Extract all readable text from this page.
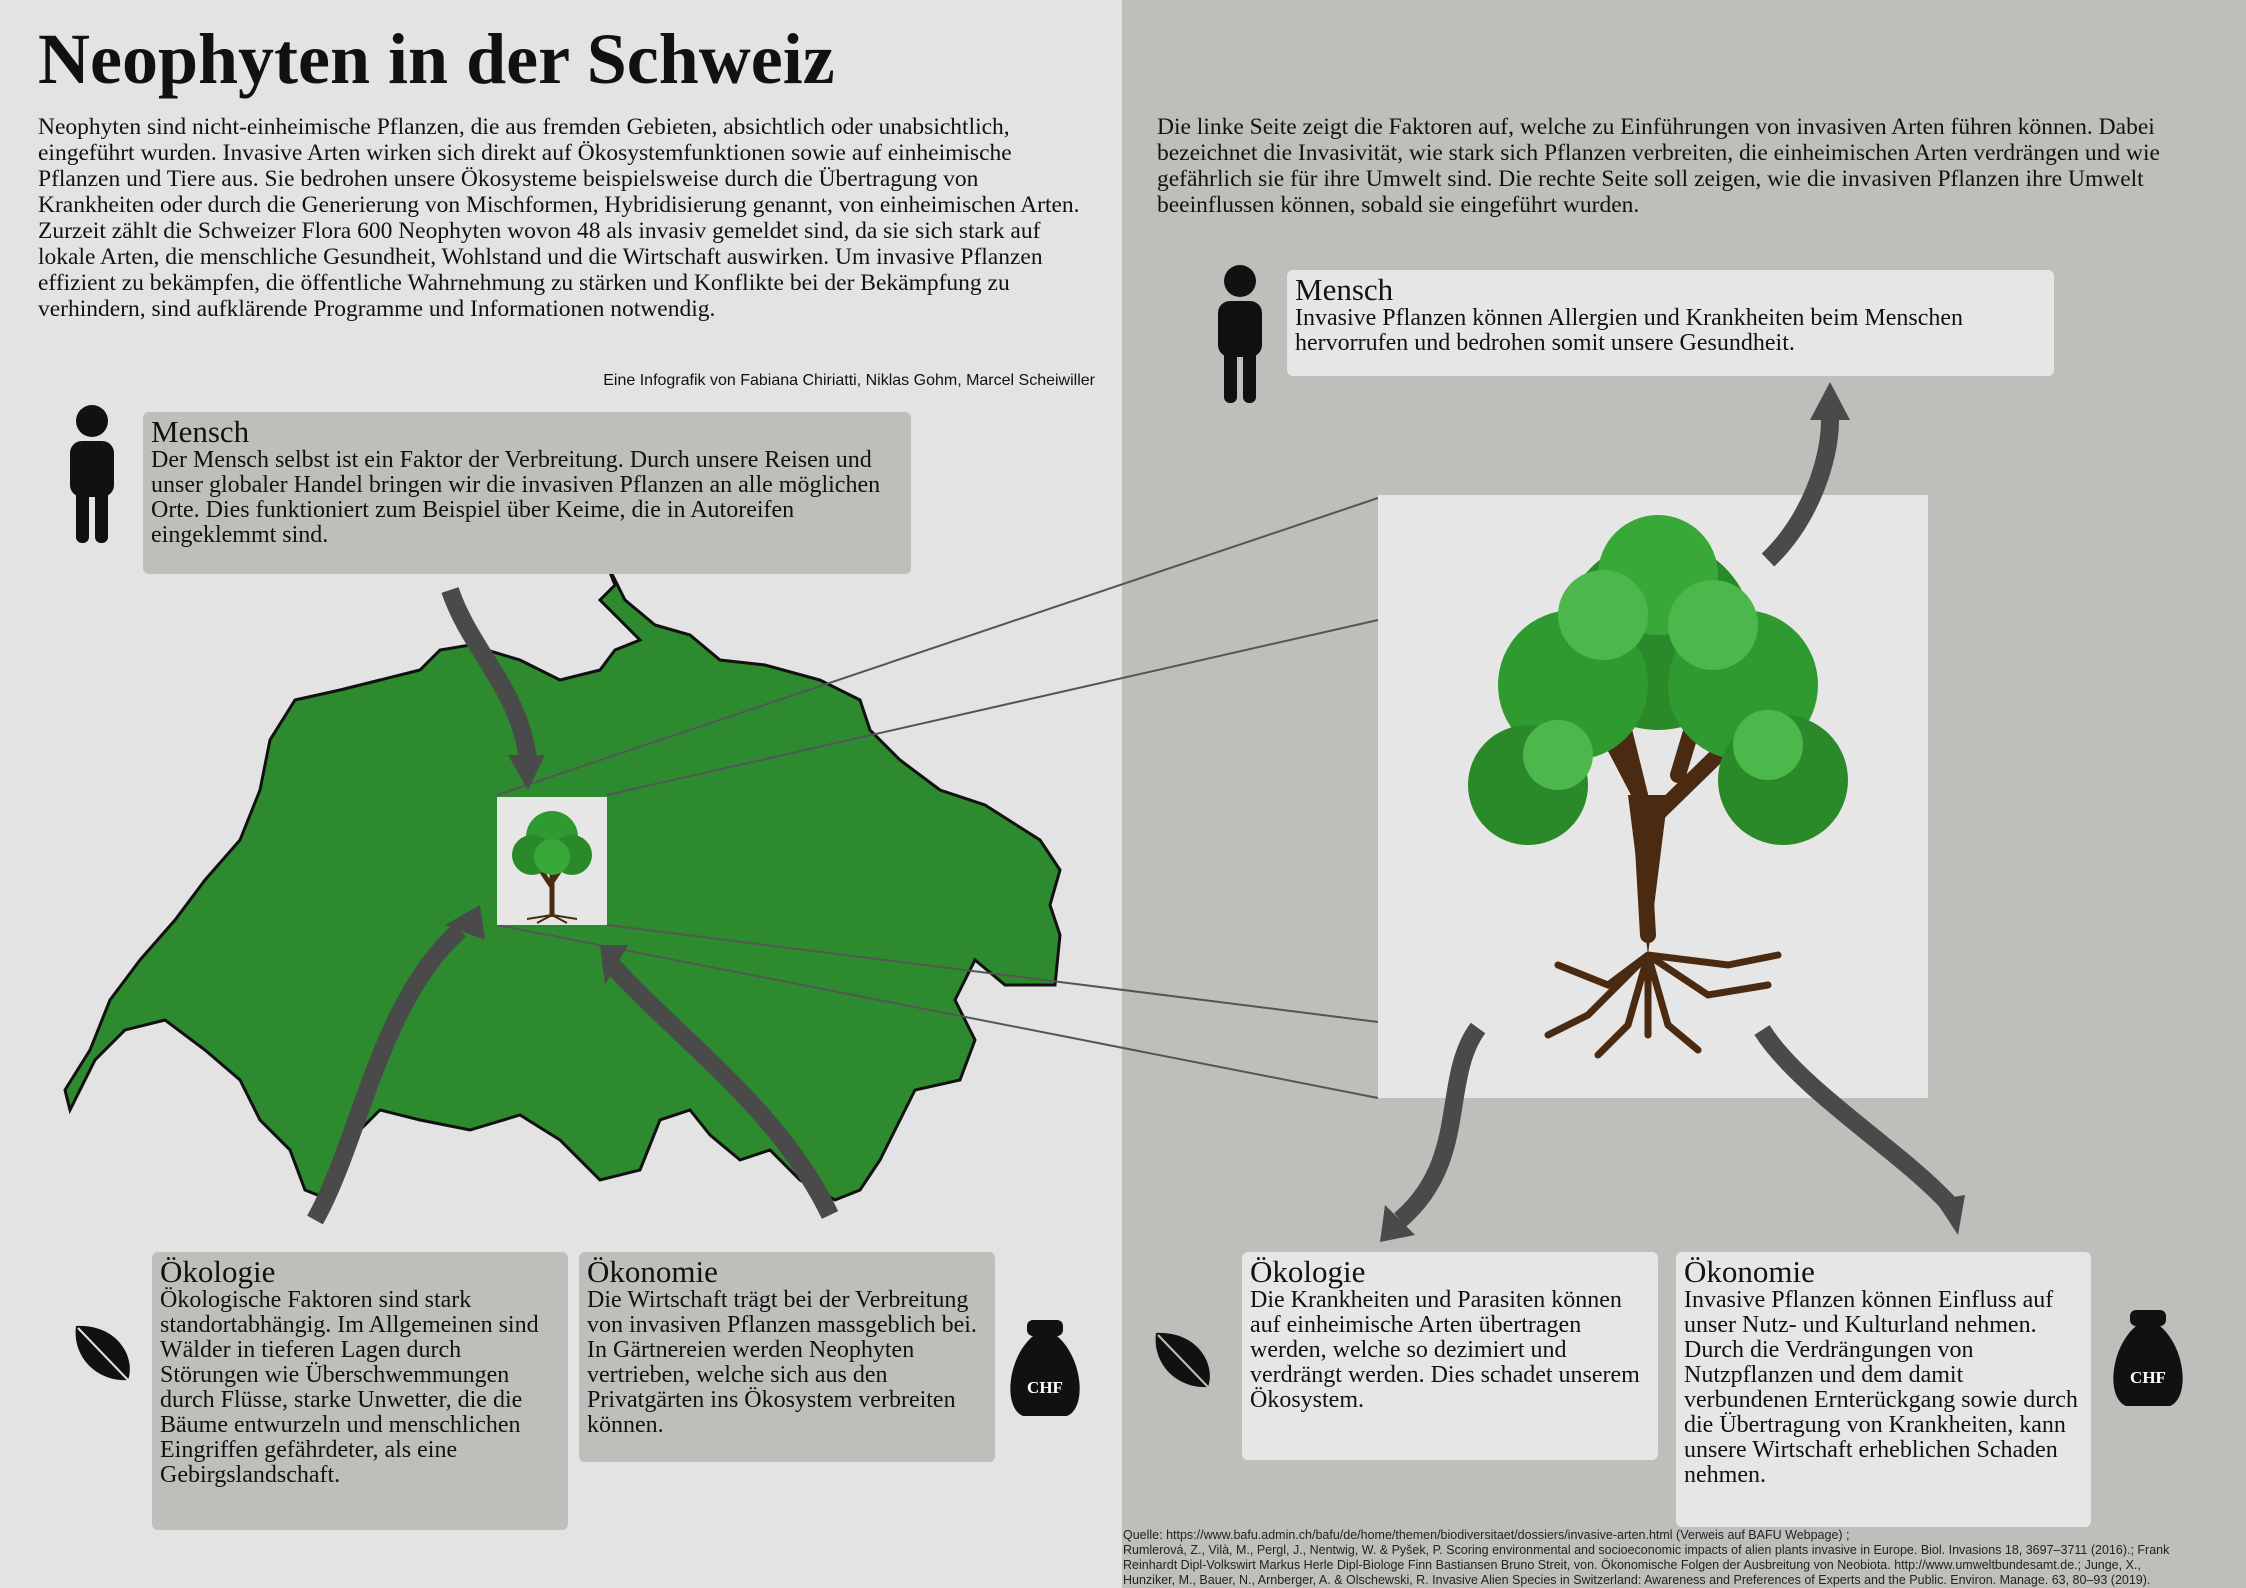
Neophyten in der Schweiz
Neophyten sind nicht-einheimische Pflanzen, die aus fremden Gebieten, absichtlich oder unabsichtlich, eingeführt wurden. Invasive Arten wirken sich direkt auf Ökosystemfunktionen sowie auf einheimische Pflanzen und Tiere aus. Sie bedrohen unsere Ökosysteme beispielsweise durch die Übertragung von Krankheiten oder durch die Generierung von Mischformen, Hybridisierung genannt, von einheimischen Arten. Zurzeit zählt die Schweizer Flora 600 Neophyten wovon 48 als invasiv gemeldet sind, da sie sich stark auf lokale Arten, die menschliche Gesundheit, Wohlstand und die Wirtschaft auswirken. Um invasive Pflanzen effizient zu bekämpfen, die öffentliche Wahrnehmung zu stärken und Konflikte bei der Bekämpfung zu verhindern, sind aufklärende Programme und Informationen notwendig.
Eine Infografik von Fabiana Chiriatti, Niklas Gohm, Marcel Scheiwiller
Die linke Seite zeigt die Faktoren auf, welche zu Einführungen von invasiven Arten führen können. Dabei bezeichnet die Invasivität, wie stark sich Pflanzen verbreiten, die einheimischen Arten verdrängen und wie gefährlich sie für ihre Umwelt sind. Die rechte Seite soll zeigen, wie die invasiven Pflanzen ihre Umwelt beeinflussen können, sobald sie eingeführt wurden.
CHF
CHF
Mensch
Der Mensch selbst ist ein Faktor der Verbreitung. Durch unsere Reisen und unser globaler Handel bringen wir die invasiven Pflanzen an alle möglichen Orte. Dies funktioniert zum Beispiel über Keime, die in Autoreifen eingeklemmt sind.
Ökologie
Ökologische Faktoren sind stark standortabhängig. Im Allgemeinen sind Wälder in tieferen Lagen durch Störungen wie Überschwemmungen durch Flüsse, starke Unwetter, die die Bäume entwurzeln und menschlichen Eingriffen gefährdeter, als eine Gebirgslandschaft.
Ökonomie
Die Wirtschaft trägt bei der Verbreitung von invasiven Pflanzen massgeblich bei. In Gärtnereien werden Neophyten vertrieben, welche sich aus den Privatgärten ins Ökosystem verbreiten können.
Mensch
Invasive Pflanzen können Allergien und Krankheiten beim Menschen hervorrufen und bedrohen somit unsere Gesundheit.
Ökologie
Die Krankheiten und Parasiten können auf einheimische Arten übertragen werden, welche so dezimiert und verdrängt werden. Dies schadet unserem Ökosystem.
Ökonomie
Invasive Pflanzen können Einfluss auf unser Nutz- und Kulturland nehmen. Durch die Verdrängungen von Nutzpflanzen und dem damit verbundenen Ernterückgang sowie durch die Übertragung von Krankheiten, kann unsere Wirtschaft erheblichen Schaden nehmen.
Quelle: https://www.bafu.admin.ch/bafu/de/home/themen/biodiversitaet/dossiers/invasive-arten.html (Verweis auf BAFU Webpage) ;
Rumlerová, Z., Vilà, M., Pergl, J., Nentwig, W. & Pyšek, P. Scoring environmental and socioeconomic impacts of alien plants invasive in Europe. Biol. Invasions 18, 3697–3711 (2016).; Frank
Reinhardt Dipl-Volkswirt Markus Herle Dipl-Biologe Finn Bastiansen Bruno Streit, von. Ökonomische Folgen der Ausbreitung von Neobiota. http://www.umweltbundesamt.de.; Junge, X.,
Hunziker, M., Bauer, N., Arnberger, A. & Olschewski, R. Invasive Alien Species in Switzerland: Awareness and Preferences of Experts and the Public. Environ. Manage. 63, 80–93 (2019).
